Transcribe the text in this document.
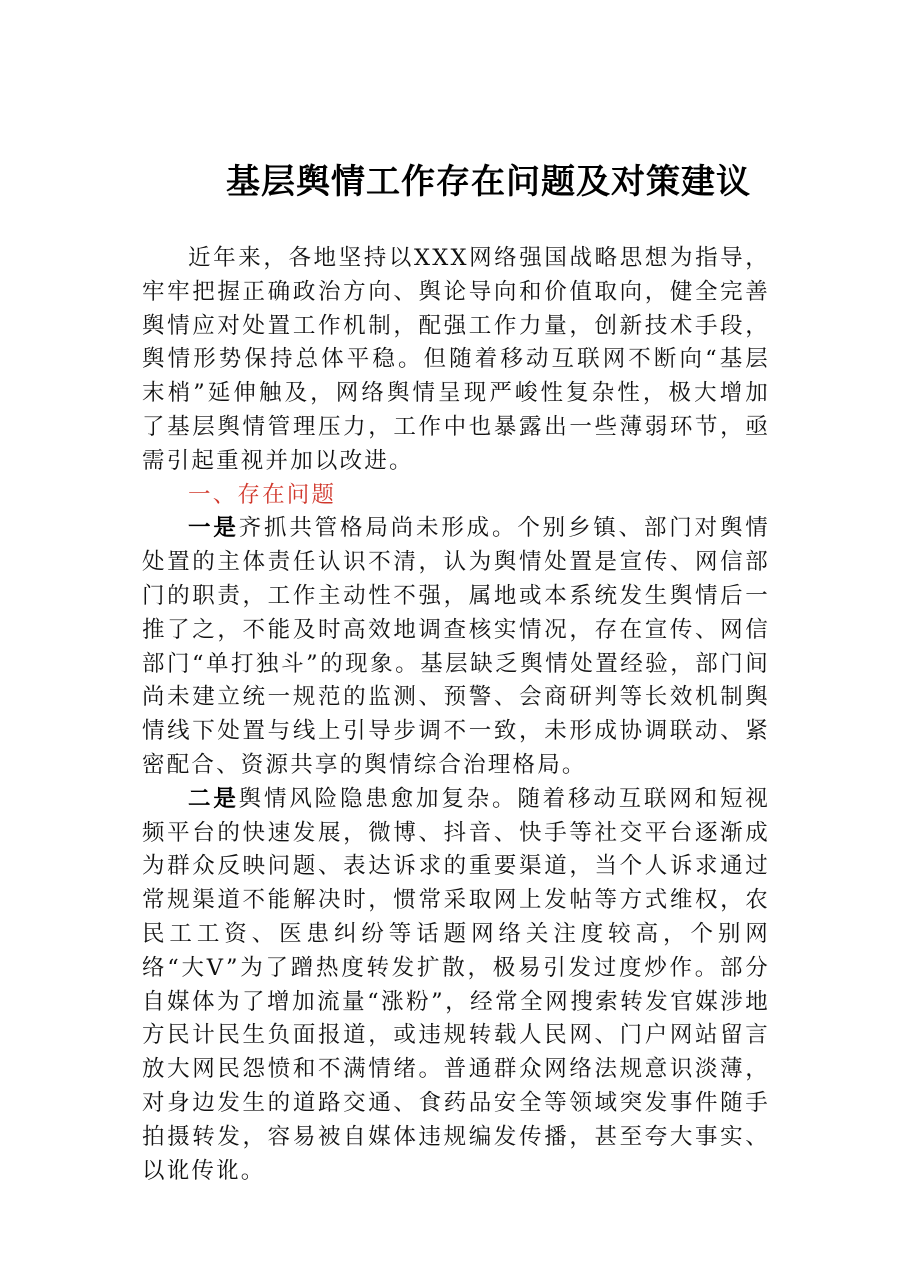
基层舆情工作存在问题及对策建议

近年来，各地坚持以XXX网络强国战略思想为指导，牢牢把握正确政治方向、舆论导向和价值取向，健全完善舆情应对处置工作机制，配强工作力量，创新技术手段，舆情形势保持总体平稳。但随着移动互联网不断向“基层末梢”延伸触及，网络舆情呈现严峻性复杂性，极大增加了基层舆情管理压力，工作中也暴露出一些薄弱环节，亟需引起重视并加以改进。

一、存在问题

一是齐抓共管格局尚未形成。个别乡镇、部门对舆情处置的主体责任认识不清，认为舆情处置是宣传、网信部门的职责，工作主动性不强，属地或本系统发生舆情后一推了之，不能及时高效地调查核实情况，存在宣传、网信部门“单打独斗”的现象。基层缺乏舆情处置经验，部门间尚未建立统一规范的监测、预警、会商研判等长效机制舆情线下处置与线上引导步调不一致，未形成协调联动、紧密配合、资源共享的舆情综合治理格局。

二是舆情风险隐患愈加复杂。随着移动互联网和短视频平台的快速发展，微博、抖音、快手等社交平台逐渐成为群众反映问题、表达诉求的重要渠道，当个人诉求通过常规渠道不能解决时，惯常采取网上发帖等方式维权，农民工工资、医患纠纷等话题网络关注度较高，个别网络“大V”为了蹭热度转发扩散，极易引发过度炒作。部分自媒体为了增加流量“涨粉”，经常全网搜索转发官媒涉地方民计民生负面报道，或违规转载人民网、门户网站留言放大网民怨愤和不满情绪。普通群众网络法规意识淡薄，对身边发生的道路交通、食药品安全等领域突发事件随手拍摄转发，容易被自媒体违规编发传播，甚至夸大事实、以讹传讹。
